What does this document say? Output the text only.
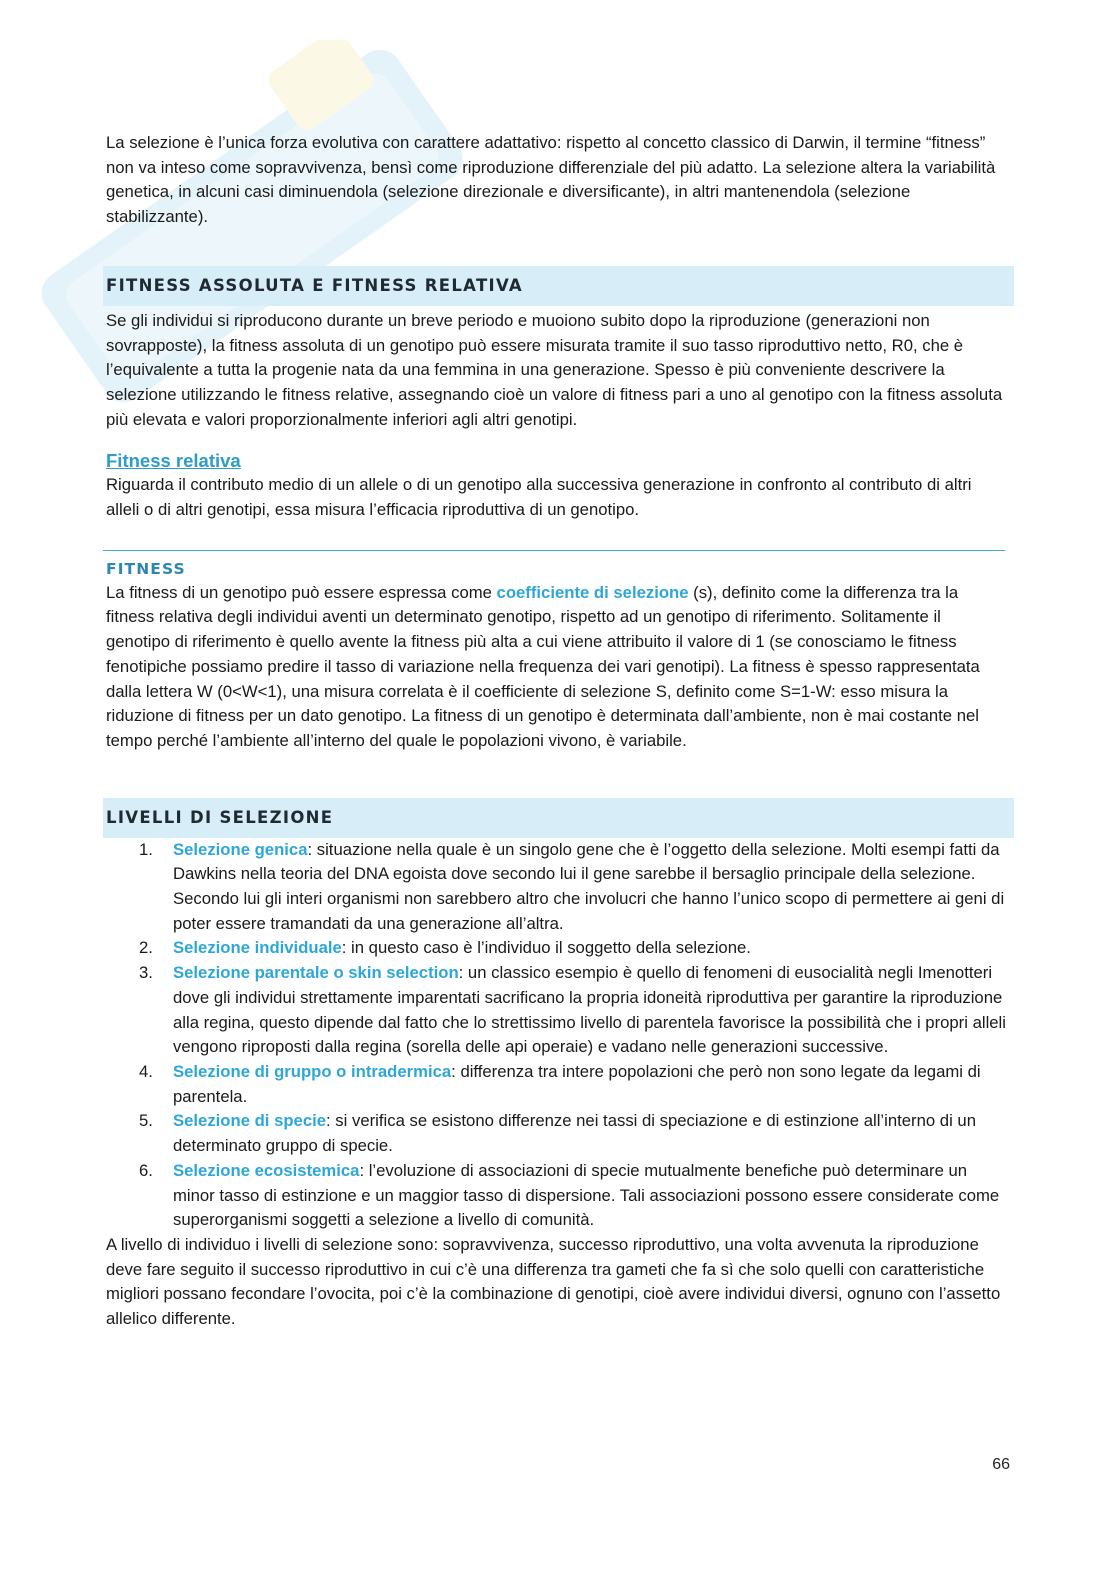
La selezione è l’unica forza evolutiva con carattere adattativo: rispetto al concetto classico di Darwin, il termine “fitness” non va inteso come sopravvivenza, bensì come riproduzione differenziale del più adatto. La selezione altera la variabilità genetica, in alcuni casi diminuendola (selezione direzionale e diversificante), in altri mantenendola (selezione stabilizzante).

FITNESS ASSOLUTA E FITNESS RELATIVA

Se gli individui si riproducono durante un breve periodo e muoiono subito dopo la riproduzione (generazioni non sovrapposte), la fitness assoluta di un genotipo può essere misurata tramite il suo tasso riproduttivo netto, R0, che è l’equivalente a tutta la progenie nata da una femmina in una generazione. Spesso è più conveniente descrivere la selezione utilizzando le fitness relative, assegnando cioè un valore di fitness pari a uno al genotipo con la fitness assoluta più elevata e valori proporzionalmente inferiori agli altri genotipi.

Fitness relativa

Riguarda il contributo medio di un allele o di un genotipo alla successiva generazione in confronto al contributo di altri alleli o di altri genotipi, essa misura l’efficacia riproduttiva di un genotipo.

FITNESS

La fitness di un genotipo può essere espressa come coefficiente di selezione (s), definito come la differenza tra la fitness relativa degli individui aventi un determinato genotipo, rispetto ad un genotipo di riferimento. Solitamente il genotipo di riferimento è quello avente la fitness più alta a cui viene attribuito il valore di 1 (se conosciamo le fitness fenotipiche possiamo predire il tasso di variazione nella frequenza dei vari genotipi). La fitness è spesso rappresentata dalla lettera W (0<W<1), una misura correlata è il coefficiente di selezione S, definito come S=1-W: esso misura la riduzione di fitness per un dato genotipo. La fitness di un genotipo è determinata dall’ambiente, non è mai costante nel tempo perché l’ambiente all’interno del quale le popolazioni vivono, è variabile.

LIVELLI DI SELEZIONE
1. Selezione genica: situazione nella quale è un singolo gene che è l’oggetto della selezione. Molti esempi fatti da Dawkins nella teoria del DNA egoista dove secondo lui il gene sarebbe il bersaglio principale della selezione. Secondo lui gli interi organismi non sarebbero altro che involucri che hanno l’unico scopo di permettere ai geni di poter essere tramandati da una generazione all’altra.
2. Selezione individuale: in questo caso è l’individuo il soggetto della selezione.
3. Selezione parentale o skin selection: un classico esempio è quello di fenomeni di eusocialità negli Imenotteri dove gli individui strettamente imparentati sacrificano la propria idoneità riproduttiva per garantire la riproduzione alla regina, questo dipende dal fatto che lo strettissimo livello di parentela favorisce la possibilità che i propri alleli vengono riproposti dalla regina (sorella delle api operaie) e vadano nelle generazioni successive.
4. Selezione di gruppo o intradermica: differenza tra intere popolazioni che però non sono legate da legami di parentela.
5. Selezione di specie: si verifica se esistono differenze nei tassi di speciazione e di estinzione all’interno di un determinato gruppo di specie.
6. Selezione ecosistemica: l’evoluzione di associazioni di specie mutualmente benefiche può determinare un minor tasso di estinzione e un maggior tasso di dispersione. Tali associazioni possono essere considerate come superorganismi soggetti a selezione a livello di comunità.

A livello di individuo i livelli di selezione sono: sopravvivenza, successo riproduttivo, una volta avvenuta la riproduzione deve fare seguito il successo riproduttivo in cui c’è una differenza tra gameti che fa sì che solo quelli con caratteristiche migliori possano fecondare l’ovocita, poi c’è la combinazione di genotipi, cioè avere individui diversi, ognuno con l’assetto allelico differente.

66
